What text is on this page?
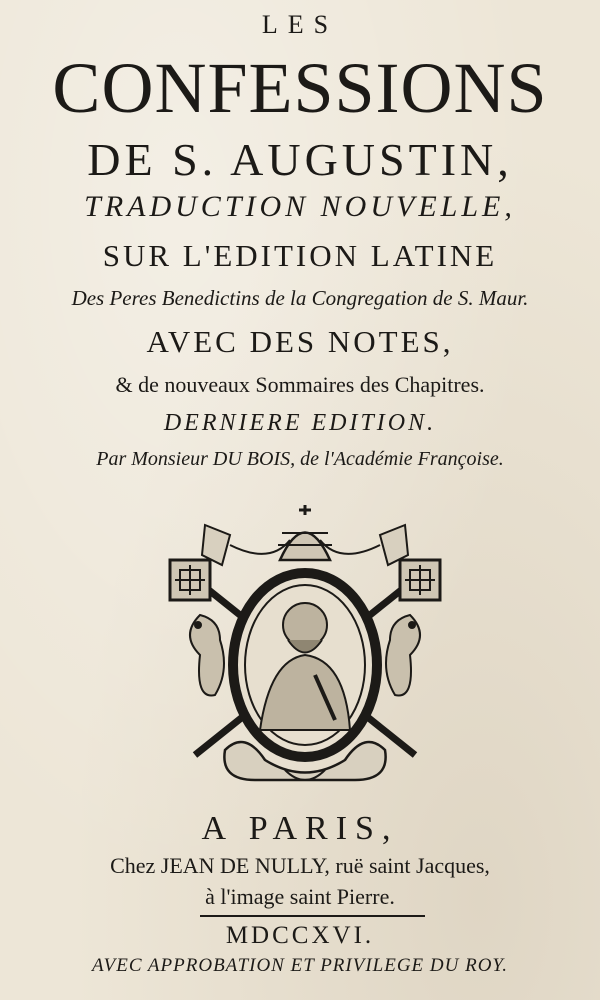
LES
CONFESSIONS
DE S. AUGUSTIN,
TRADUCTION NOUVELLE,
SUR L'EDITION LATINE
Des Peres Benedictins de la Congregation de S. Maur.
AVEC DES NOTES,
& de nouveaux Sommaires des Chapitres.
DERNIERE EDITION.
Par Monsieur DU BOIS, de l'Académie Françoise.
A PARIS,
Chez JEAN DE NULLY, ruë saint Jacques,
à l'image saint Pierre.
MDCCXVI.
AVEC APPROBATION ET PRIVILEGE DU ROY.
